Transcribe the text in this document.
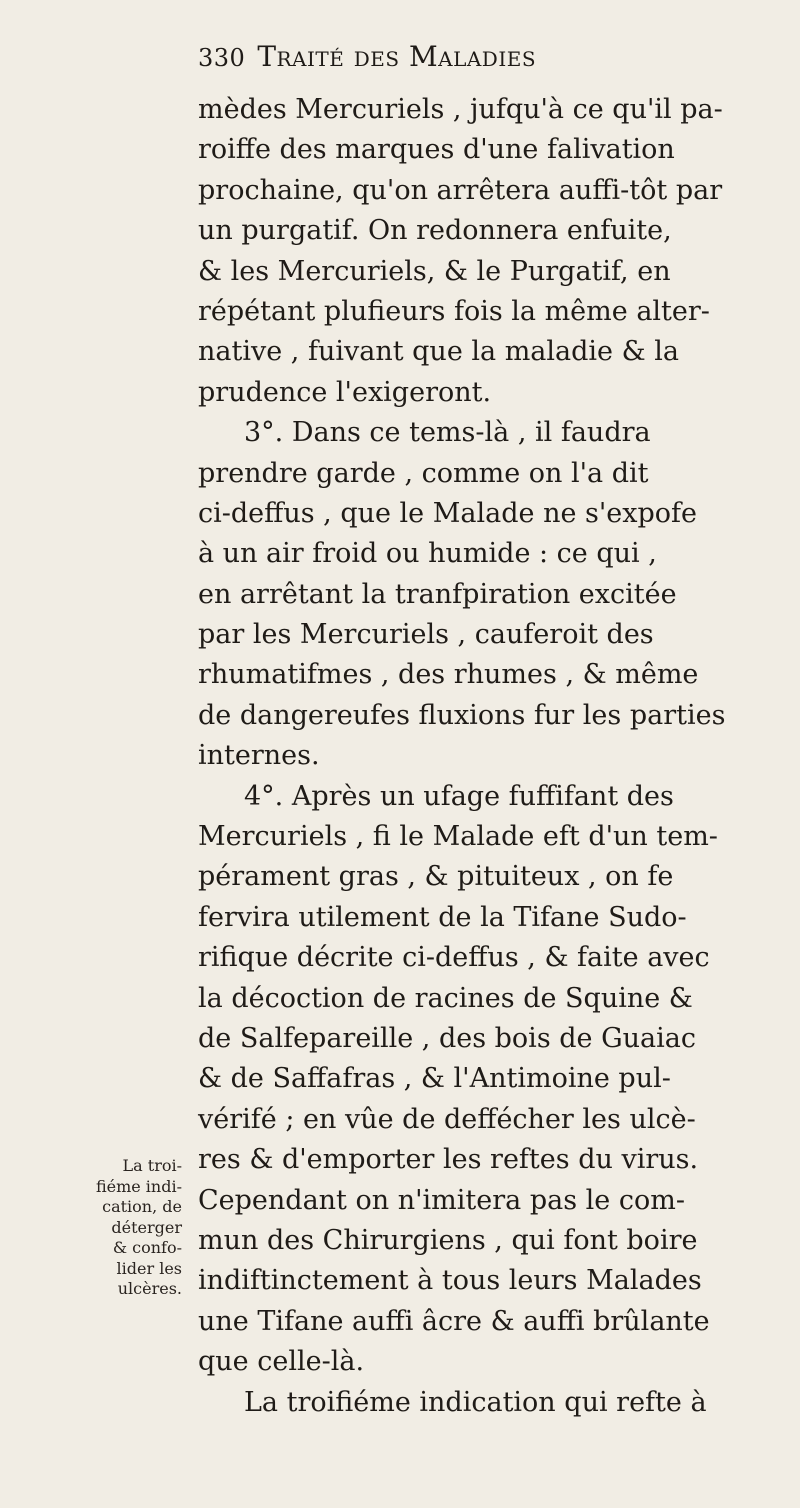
330 Traité des Maladies
mèdes Mercuriels , jufqu'à ce qu'il pa-
roiffe des marques d'une falivation
prochaine, qu'on arrêtera auffi-tôt par
un purgatif. On redonnera enfuite,
& les Mercuriels, & le Purgatif, en
répétant plufieurs fois la même alter-
native , fuivant que la maladie & la
prudence l'exigeront.
3°. Dans ce tems-là , il faudra
prendre garde , comme on l'a dit
ci-deffus , que le Malade ne s'expofe
à un air froid ou humide : ce qui ,
en arrêtant la tranfpiration excitée
par les Mercuriels , cauferoit des
rhumatifmes , des rhumes , & même
de dangereufes fluxions fur les parties
internes.
4°. Après un ufage fuffifant des
Mercuriels , fi le Malade eft d'un tem-
pérament gras , & pituiteux , on fe
fervira utilement de la Tifane Sudo-
rifique décrite ci-deffus , & faite avec
la décoction de racines de Squine &
de Salfepareille , des bois de Guaiac
& de Saffafras , & l'Antimoine pul-
vérifé ; en vûe de deffécher les ulcè-
res & d'emporter les reftes du virus.
Cependant on n'imitera pas le com-
mun des Chirurgiens , qui font boire
indiftinctement à tous leurs Malades
une Tifane auffi âcre & auffi brûlante
que celle-là.
La troifiéme indication qui refte à
La troi-
fiéme indi-
cation, de
déterger
& confo-
lider les
ulcères.
